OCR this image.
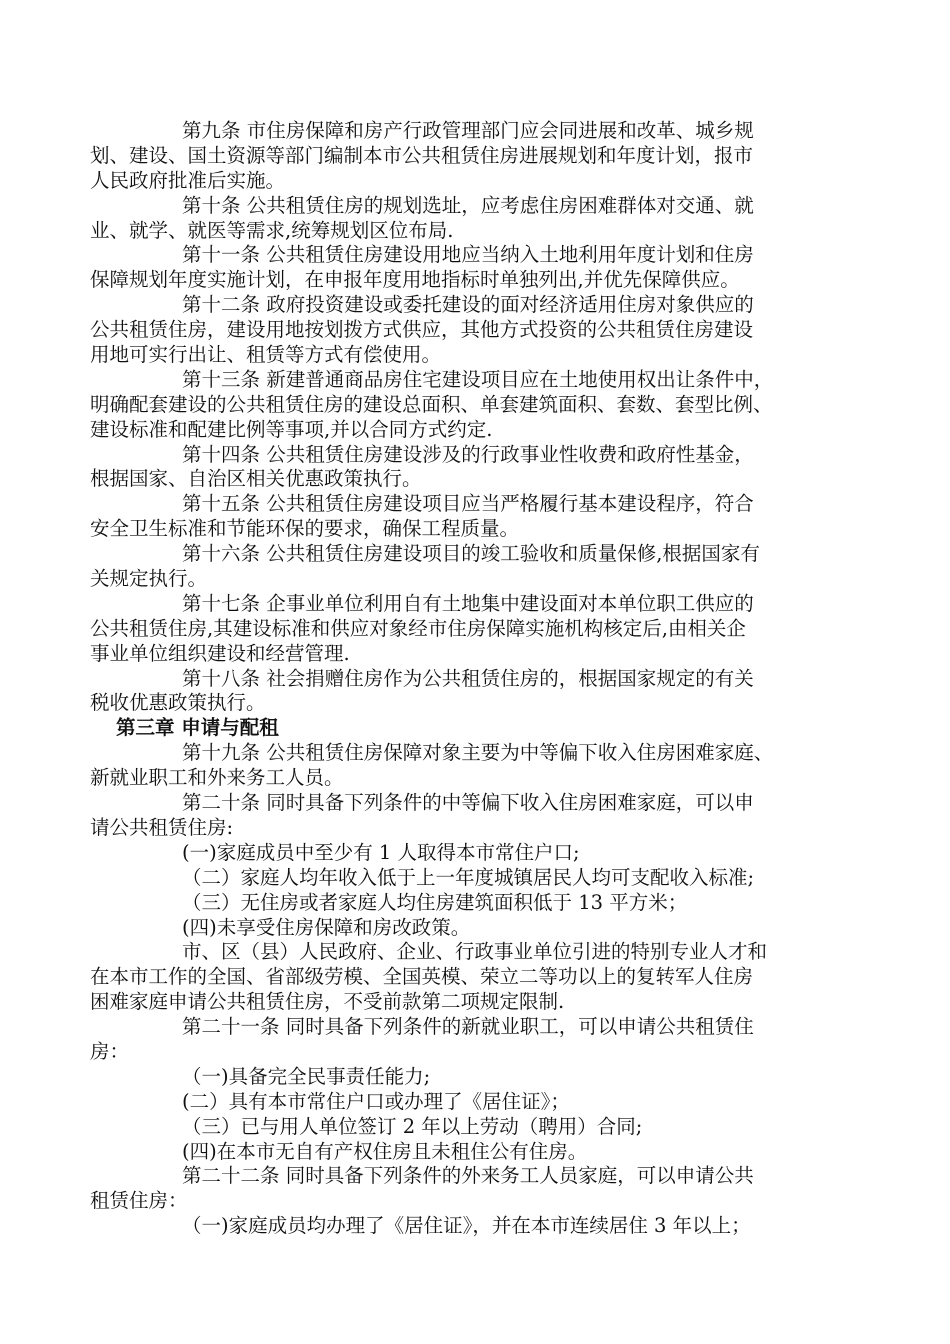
第九条 市住房保障和房产行政管理部门应会同进展和改革、城乡规
划、建设、国土资源等部门编制本市公共租赁住房进展规划和年度计划，报市
人民政府批准后实施。
第十条 公共租赁住房的规划选址，应考虑住房困难群体对交通、就
业、就学、就医等需求,统筹规划区位布局.
第十一条 公共租赁住房建设用地应当纳入土地利用年度计划和住房
保障规划年度实施计划，在申报年度用地指标时单独列出,并优先保障供应。
第十二条 政府投资建设或委托建设的面对经济适用住房对象供应的
公共租赁住房，建设用地按划拨方式供应，其他方式投资的公共租赁住房建设
用地可实行出让、租赁等方式有偿使用。
第十三条 新建普通商品房住宅建设项目应在土地使用权出让条件中，
明确配套建设的公共租赁住房的建设总面积、单套建筑面积、套数、套型比例、
建设标准和配建比例等事项,并以合同方式约定.
第十四条 公共租赁住房建设涉及的行政事业性收费和政府性基金，
根据国家、自治区相关优惠政策执行。
第十五条 公共租赁住房建设项目应当严格履行基本建设程序，符合
安全卫生标准和节能环保的要求，确保工程质量。
第十六条 公共租赁住房建设项目的竣工验收和质量保修,根据国家有
关规定执行。
第十七条 企事业单位利用自有土地集中建设面对本单位职工供应的
公共租赁住房,其建设标准和供应对象经市住房保障实施机构核定后,由相关企
事业单位组织建设和经营管理.
第十八条 社会捐赠住房作为公共租赁住房的，根据国家规定的有关
税收优惠政策执行。
第三章 申请与配租
第十九条 公共租赁住房保障对象主要为中等偏下收入住房困难家庭、
新就业职工和外来务工人员。
第二十条 同时具备下列条件的中等偏下收入住房困难家庭，可以申
请公共租赁住房:
(一)家庭成员中至少有 1 人取得本市常住户口;
（二）家庭人均年收入低于上一年度城镇居民人均可支配收入标准;
（三）无住房或者家庭人均住房建筑面积低于 13 平方米；
(四)未享受住房保障和房改政策。
市、区（县）人民政府、企业、行政事业单位引进的特别专业人才和
在本市工作的全国、省部级劳模、全国英模、荣立二等功以上的复转军人住房
困难家庭申请公共租赁住房，不受前款第二项规定限制.
第二十一条 同时具备下列条件的新就业职工，可以申请公共租赁住
房：
（一)具备完全民事责任能力;
(二）具有本市常住户口或办理了《居住证》；
（三）已与用人单位签订 2 年以上劳动（聘用）合同;
(四)在本市无自有产权住房且未租住公有住房。
第二十二条 同时具备下列条件的外来务工人员家庭，可以申请公共
租赁住房：
（一)家庭成员均办理了《居住证》，并在本市连续居住 3 年以上；
